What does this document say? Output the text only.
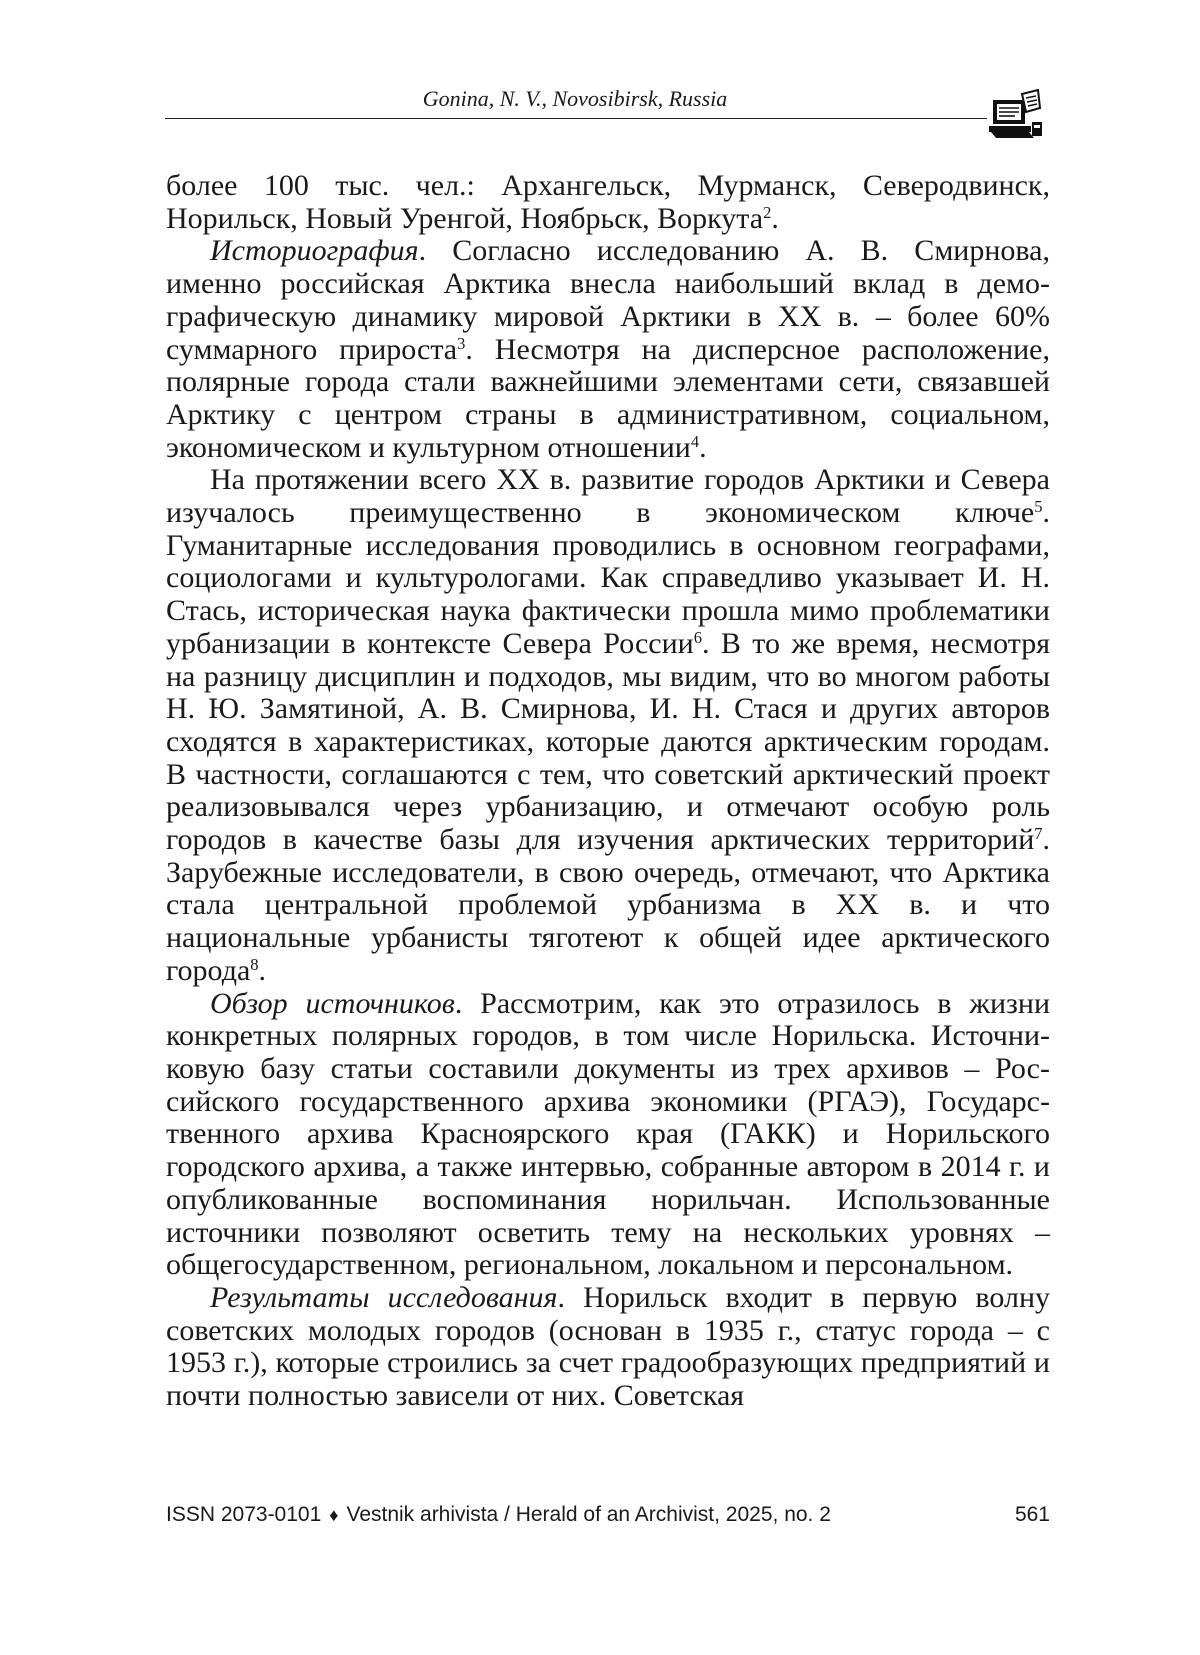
Gonina, N. V., Novosibirsk, Russia

более 100 тыс. чел.: Архангельск, Мурманск, Северодвинск, Норильск, Новый Уренгой, Ноябрьск, Воркута$^2$.

Историография. Согласно исследованию А. В. Смирнова, именно российская Арктика внесла наибольший вклад в демографическую динамику мировой Арктики в XX в. – более 60% суммарного прироста$^3$. Несмотря на дисперсное расположение, полярные города стали важнейшими элементами сети, связавшей Арктику с центром страны в административном, социальном, экономическом и культурном отношении$^4$.

На протяжении всего XX в. развитие городов Арктики и Севера изучалось преимущественно в экономическом ключе$^5$. Гуманитарные исследования проводились в основном географами, социологами и культурологами. Как справедливо указывает И. Н. Стась, историческая наука фактически прошла мимо проблематики урбанизации в контексте Севера России$^6$. В то же время, несмотря на разницу дисциплин и подходов, мы видим, что во многом работы Н. Ю. Замятиной, А. В. Смирнова, И. Н. Стася и других авторов сходятся в характеристиках, которые даются арктическим городам. В частности, соглашаются с тем, что советский арктический проект реализовывался через урбанизацию, и отмечают особую роль городов в качестве базы для изучения арктических территорий$^7$. Зарубежные исследователи, в свою очередь, отмечают, что Арктика стала центральной проблемой урбанизма в XX в. и что национальные урбанисты тяготеют к общей идее арктического города$^8$.

Обзор источников. Рассмотрим, как это отразилось в жизни конкретных полярных городов, в том числе Норильска. Источниковую базу статьи составили документы из трех архивов – Российского государственного архива экономики (РГАЭ), Государственного архива Красноярского края (ГАКК) и Норильского городского архива, а также интервью, собранные автором в 2014 г. и опубликованные воспоминания норильчан. Использованные источники позволяют осветить тему на нескольких уровнях – общегосударственном, региональном, локальном и персональном.

Результаты исследования. Норильск входит в первую волну советских молодых городов (основан в 1935 г., статус города – с 1953 г.), которые строились за счет градообразующих предприятий и почти полностью зависели от них. Советская

ISSN 2073-0101 ♦ Vestnik arhivista / Herald of an Archivist, 2025, no. 2	561
